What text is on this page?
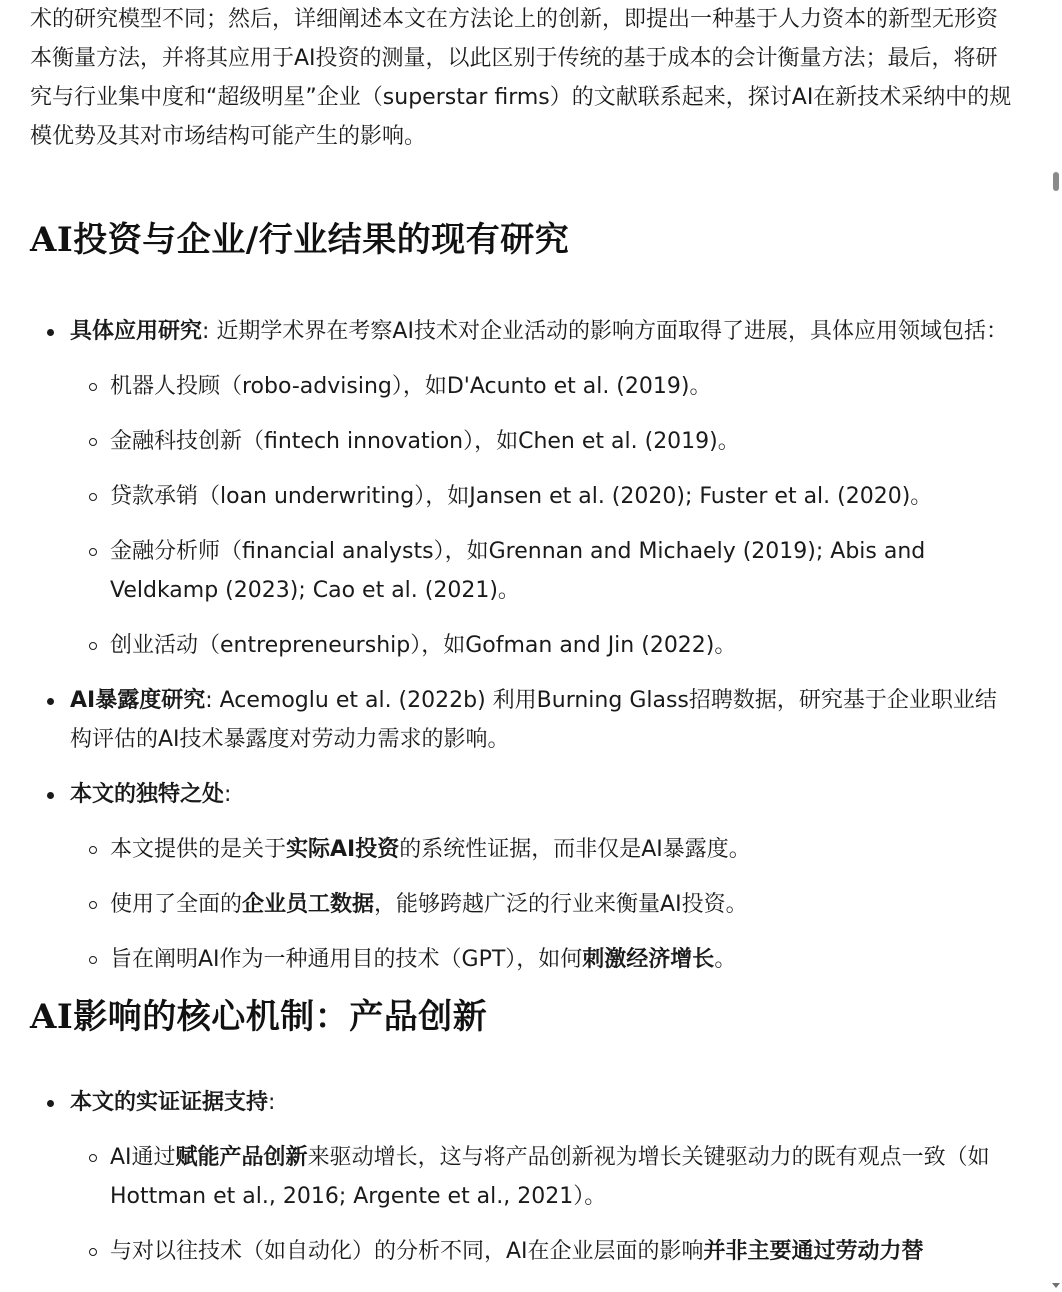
术的研究模型不同；然后，详细阐述本文在方法论上的创新，即提出一种基于人力资本的新型无形资本衡量方法，并将其应用于AI投资的测量，以此区别于传统的基于成本的会计衡量方法；最后，将研究与行业集中度和“超级明星”企业（superstar firms）的文献联系起来，探讨AI在新技术采纳中的规模优势及其对市场结构可能产生的影响。

AI投资与企业/行业结果的现有研究
具体应用研究: 近期学术界在考察AI技术对企业活动的影响方面取得了进展，具体应用领域包括：
机器人投顾（robo-advising），如D'Acunto et al. (2019)。
金融科技创新（fintech innovation），如Chen et al. (2019)。
贷款承销（loan underwriting），如Jansen et al. (2020); Fuster et al. (2020)。
金融分析师（financial analysts），如Grennan and Michaely (2019); Abis and Veldkamp (2023); Cao et al. (2021)。
创业活动（entrepreneurship），如Gofman and Jin (2022)。
AI暴露度研究: Acemoglu et al. (2022b) 利用Burning Glass招聘数据，研究基于企业职业结构评估的AI技术暴露度对劳动力需求的影响。
本文的独特之处:
本文提供的是关于实际AI投资的系统性证据，而非仅是AI暴露度。
使用了全面的企业员工数据，能够跨越广泛的行业来衡量AI投资。
旨在阐明AI作为一种通用目的技术（GPT），如何刺激经济增长。
AI影响的核心机制：产品创新
本文的实证证据支持:
AI通过赋能产品创新来驱动增长，这与将产品创新视为增长关键驱动力的既有观点一致（如Hottman et al., 2016; Argente et al., 2021）。
与对以往技术（如自动化）的分析不同，AI在企业层面的影响并非主要通过劳动力替
